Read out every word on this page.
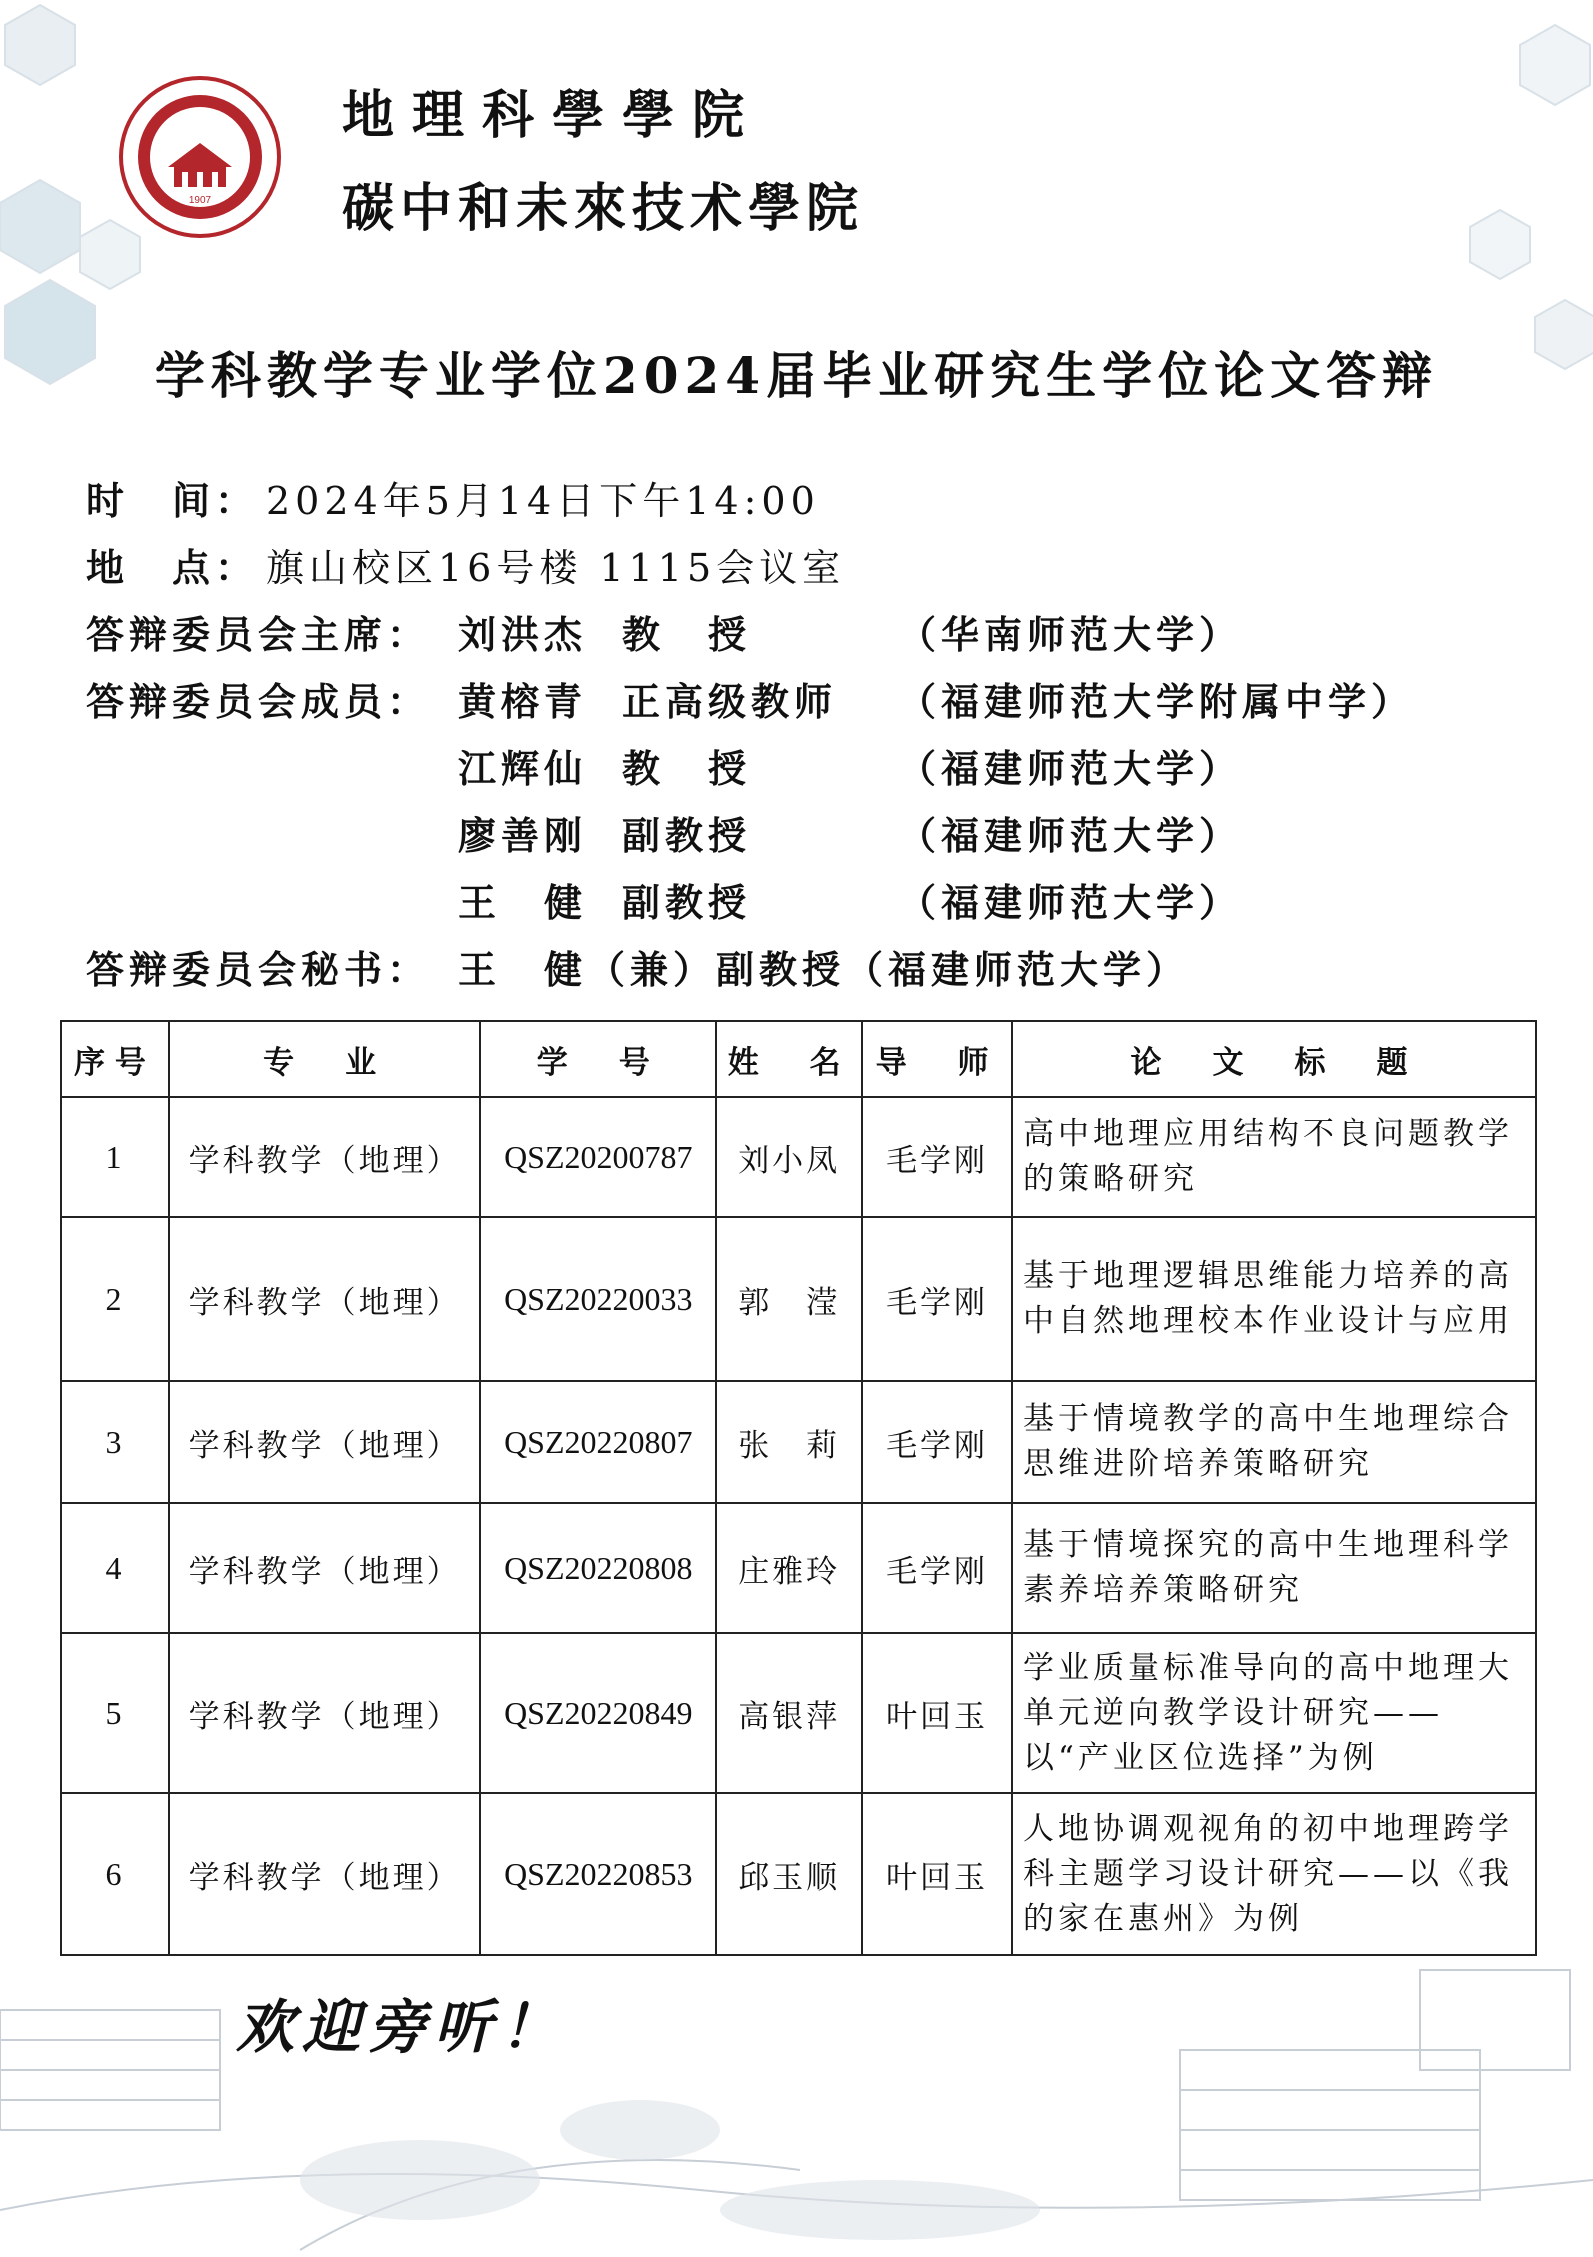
1907
地理科學學院
碳中和未來技术學院
学科教学专业学位2024届毕业研究生学位论文答辩
时　间： 2024年5月14日下午14:00
地　点： 旗山校区16号楼 1115会议室
答辩委员会主席： 刘洪杰 教　授	（华南师范大学）
答辩委员会成员： 黄榕青 正高级教师 （福建师范大学附属中学）
江辉仙 教　授	（福建师范大学）
廖善刚 副教授	（福建师范大学）
王　健 副教授	（福建师范大学）
答辩委员会秘书： 王　健（兼）副教授（福建师范大学）
序号	专　业	学　号	姓　名	导　师	论　文　标　题
1	学科教学（地理）	QSZ20200787	刘小凤	毛学刚	高中地理应用结构不良问题教学的策略研究
2	学科教学（地理）	QSZ20220033	郭　滢	毛学刚	基于地理逻辑思维能力培养的高中自然地理校本作业设计与应用
3	学科教学（地理）	QSZ20220807	张　莉	毛学刚	基于情境教学的高中生地理综合思维进阶培养策略研究
4	学科教学（地理）	QSZ20220808	庄雅玲	毛学刚	基于情境探究的高中生地理科学素养培养策略研究
5	学科教学（地理）	QSZ20220849	高银萍	叶回玉	学业质量标准导向的高中地理大单元逆向教学设计研究——以“产业区位选择”为例
6	学科教学（地理）	QSZ20220853	邱玉顺	叶回玉	人地协调观视角的初中地理跨学科主题学习设计研究——以《我的家在惠州》为例
欢迎旁听！
